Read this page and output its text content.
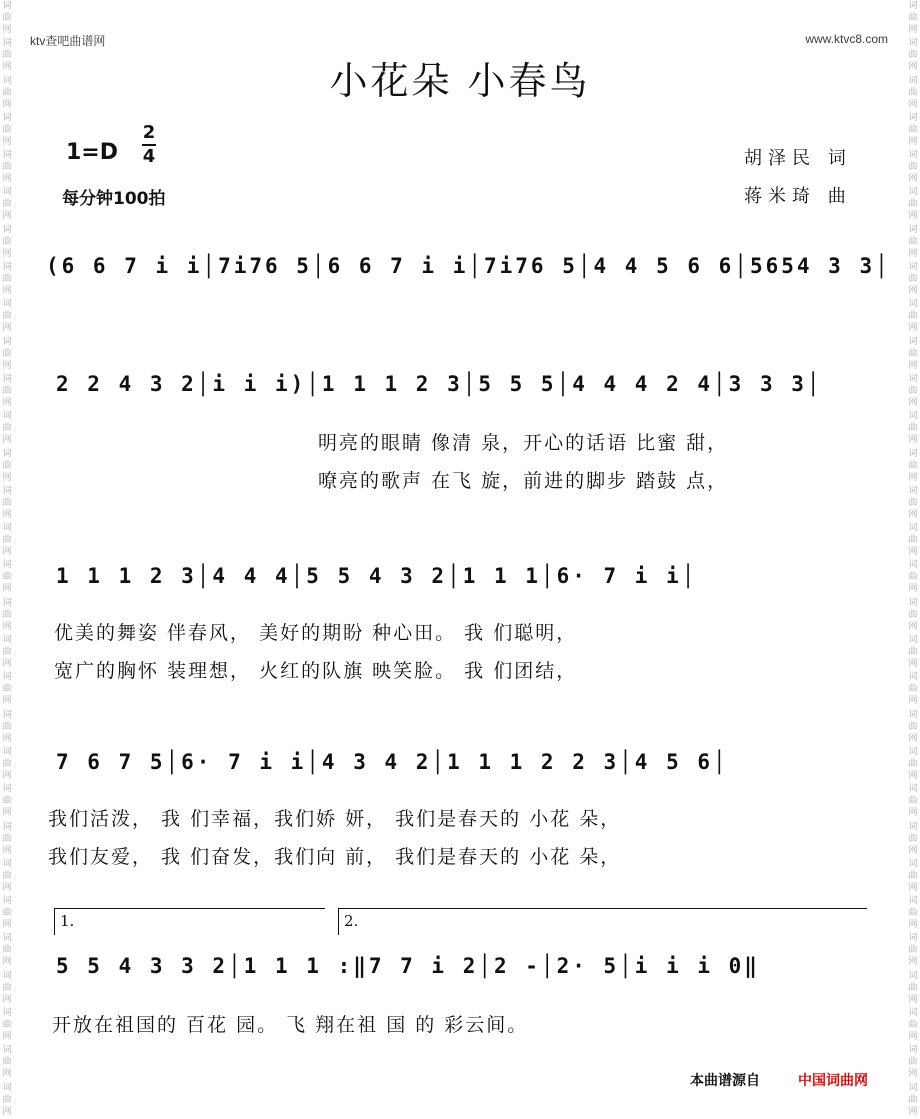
词
曲
网
词
曲
网
词
曲
网
词
曲
网
词
曲
网
词
曲
网
词
曲
网
词
曲
网
词
曲
网
词
曲
网
词
曲
网
词
曲
网
词
曲
网
词
曲
网
词
曲
网
词
曲
网
词
曲
网
词
曲
网
词
曲
网
词
曲
网
词
曲
网
词
曲
网
词
曲
网
词
曲
网
词
曲
网
词
曲
网
词
曲
网
词
曲
网
词
曲
网
词
曲
网
词
曲
网
词
曲
网
词
曲
网
词
曲
网
词
曲
网
词
曲
网
词
曲
网
词
曲
网
词
曲
网
词
曲
网
词
曲
网
词
曲
网
词
曲
网
词
曲
网
词
曲
网
词
曲
网
词
曲
网
词
曲
网
词
曲
网
词
曲
网
词
曲
网
词
曲
网
词
曲
网
词
曲
网
词
曲
网
词
曲
网
词
曲
网
词
曲
网
词
曲
网
词
曲
网
ktv查吧曲谱网	www.ktvc8.com
小花朵 小春鸟
1=D
2
4
每分钟100拍
胡泽民 词
蒋米琦 曲
(6 6 7 i i│7i76 5│6 6 7 i i│7i76 5│4 4 5 6 6│5654 3 3│
2 2 4 3 2│i i i)│1 1 1 2 3│5 5 5│4 4 4 2 4│3 3 3│
明亮的眼睛 像清 泉，开心的话语 比蜜 甜，
嘹亮的歌声 在飞 旋，前进的脚步 踏鼓 点，
1 1 1 2 3│4 4 4│5 5 4 3 2│1 1 1│6· 7 i i│
优美的舞姿 伴春风， 美好的期盼 种心田。 我 们聪明，
宽广的胸怀 装理想， 火红的队旗 映笑脸。 我 们团结，
7 6 7 5│6· 7 i i│4 3 4 2│1 1 1 2 2 3│4 5 6│
我们活泼， 我 们幸福，我们娇 妍， 我们是春天的 小花 朵，
我们友爱， 我 们奋发，我们向 前， 我们是春天的 小花 朵，
1.	2.
5 5 4 3 3 2│1 1 1 :‖7 7 i 2│2 -│2· 5│i i i 0‖
开放在祖国的 百花 园。 飞 翔在祖 国 的 彩云间。
本曲谱源自	中国词曲网
